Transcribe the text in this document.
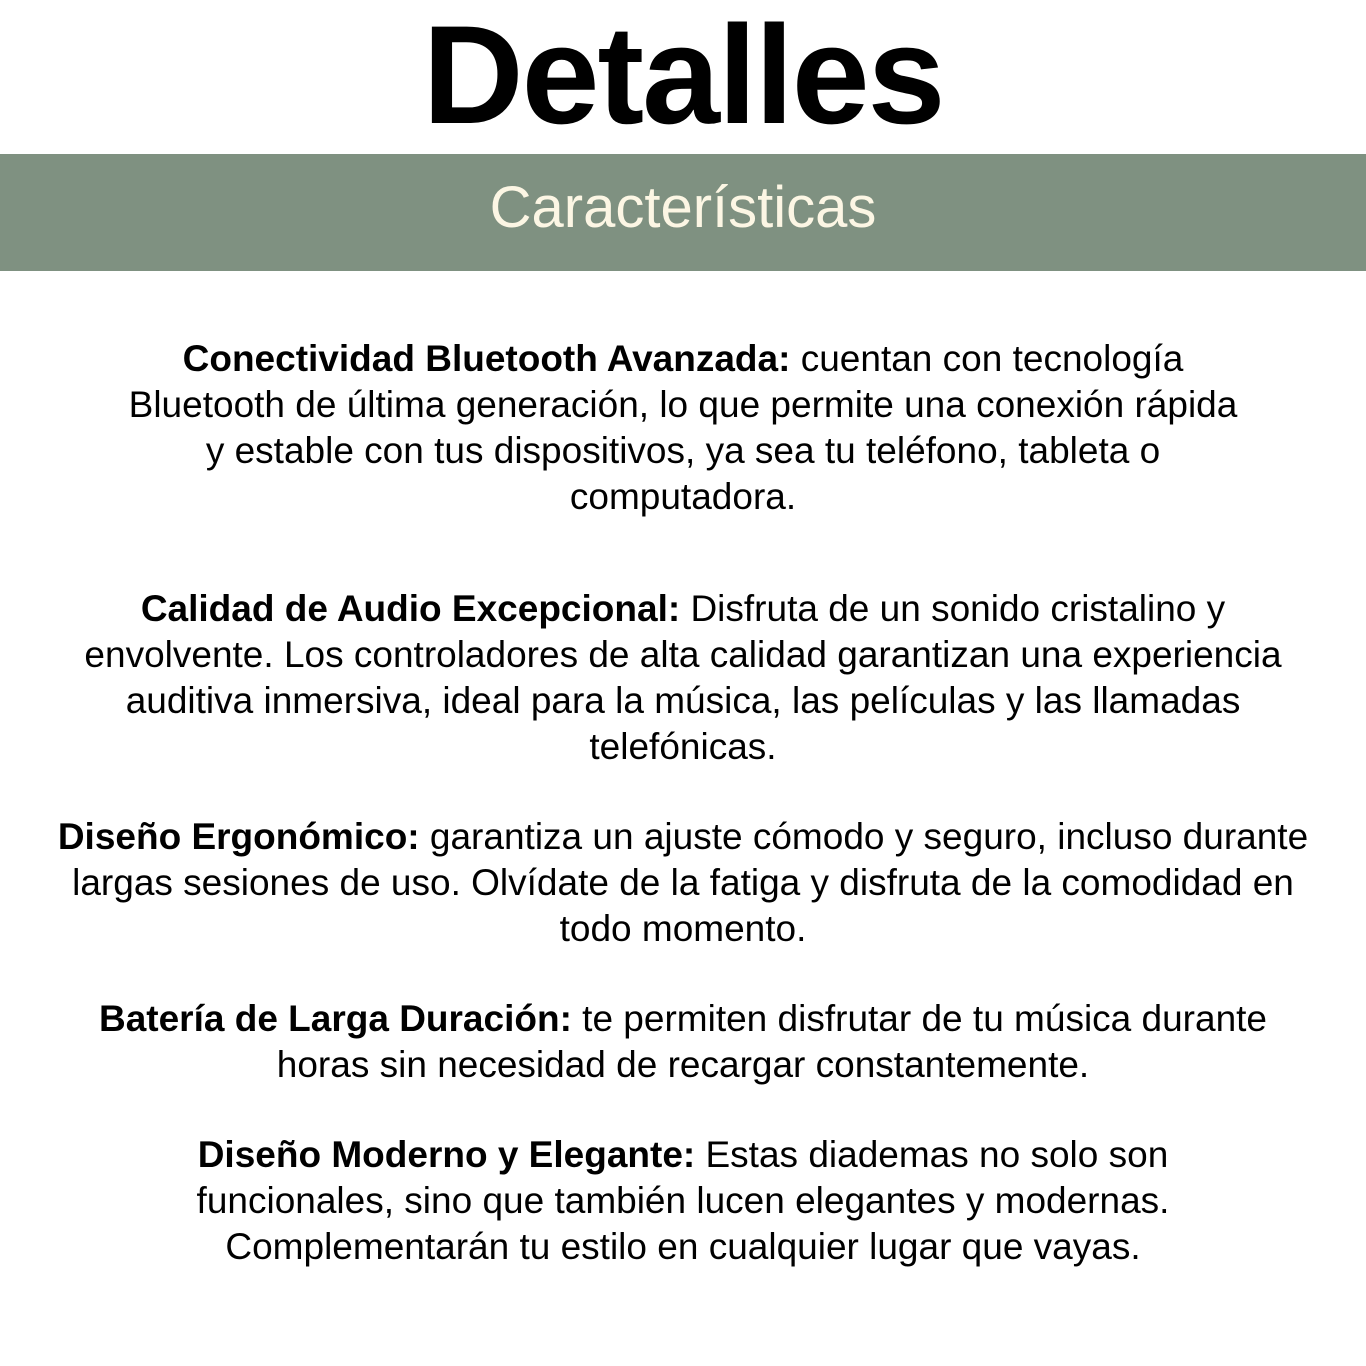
Detalles
Características

Conectividad Bluetooth Avanzada: cuentan con tecnología Bluetooth de última generación, lo que permite una conexión rápida y estable con tus dispositivos, ya sea tu teléfono, tableta o computadora.

Calidad de Audio Excepcional: Disfruta de un sonido cristalino y envolvente. Los controladores de alta calidad garantizan una experiencia auditiva inmersiva, ideal para la música, las películas y las llamadas telefónicas.

Diseño Ergonómico: garantiza un ajuste cómodo y seguro, incluso durante largas sesiones de uso. Olvídate de la fatiga y disfruta de la comodidad en todo momento.

Batería de Larga Duración: te permiten disfrutar de tu música durante horas sin necesidad de recargar constantemente.

Diseño Moderno y Elegante: Estas diademas no solo son funcionales, sino que también lucen elegantes y modernas. Complementarán tu estilo en cualquier lugar que vayas.
